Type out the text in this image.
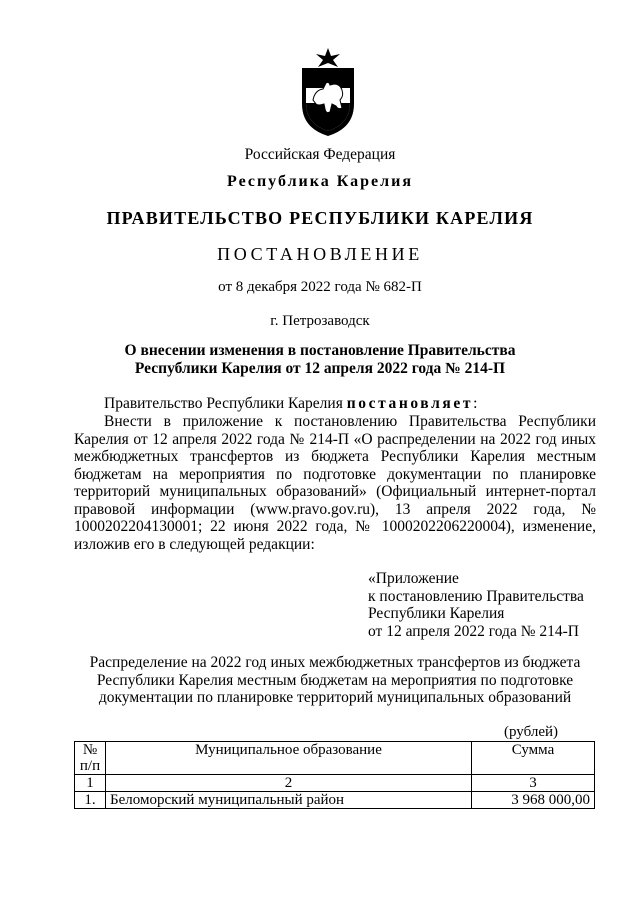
Российская Федерация
Республика Карелия
ПРАВИТЕЛЬСТВО РЕСПУБЛИКИ КАРЕЛИЯ
ПОСТАНОВЛЕНИЕ
от 8 декабря 2022 года № 682-П
г. Петрозаводск
О внесении изменения в постановление Правительства
Республики Карелия от 12 апреля 2022 года № 214-П
Правительство Республики Карелия постановляет:
Внести в приложение к постановлению Правительства Республики Карелия от 12 апреля 2022 года № 214-П «О распределении на 2022 год иных межбюджетных трансфертов из бюджета Республики Карелия местным бюджетам на мероприятия по подготовке документации по планировке территорий муниципальных образований» (Официальный интернет-портал правовой информации (www.pravo.gov.ru), 13 апреля 2022 года, № 1000202204130001; 22 июня 2022 года, № 1000202206220004), изменение, изложив его в следующей редакции:
«Приложение
к постановлению Правительства
Республики Карелия
от 12 апреля 2022 года № 214-П
Распределение на 2022 год иных межбюджетных трансфертов из бюджета
Республики Карелия местным бюджетам на мероприятия по подготовке
документации по планировке территорий муниципальных образований
(рублей)
№
п/п	Муниципальное образование	Сумма
1	2	3
1.	Беломорский муниципальный район	3 968 000,00
